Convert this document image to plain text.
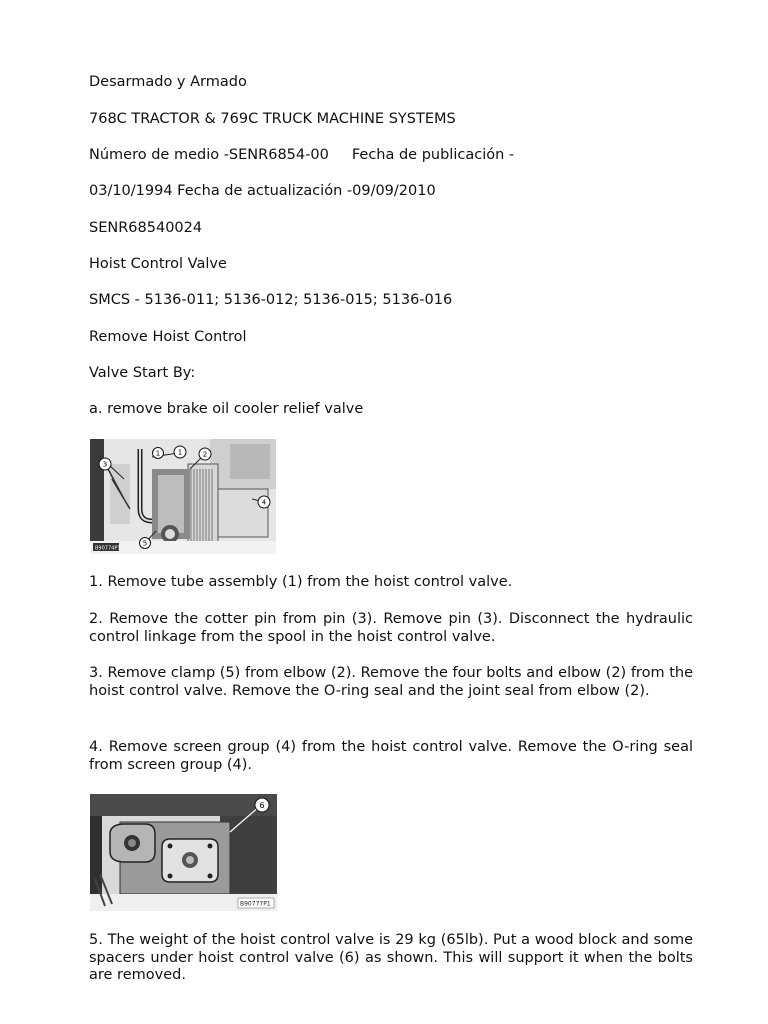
Desarmado y Armado

768C TRACTOR & 769C TRUCK MACHINE SYSTEMS

Número de medio -SENR6854-00     Fecha de publicación -

03/10/1994 Fecha de actualización -09/09/2010

SENR68540024

Hoist Control Valve

SMCS - 5136-011; 5136-012; 5136-015; 5136-016

Remove Hoist Control

Valve Start By:

a. remove brake oil cooler relief valve

B90774P1
1	1	2
3
4
5

1. Remove tube assembly (1) from the hoist control valve.

2. Remove the cotter pin from pin (3). Remove pin (3). Disconnect the hydraulic control linkage from the spool in the hoist control valve.

3. Remove clamp (5) from elbow (2). Remove the four bolts and elbow (2) from the hoist control valve. Remove the O-ring seal and the joint seal from elbow (2).

4. Remove screen group (4) from the hoist control valve. Remove the O-ring seal from screen group (4).

6
B90777P1

5. The weight of the hoist control valve is 29 kg (65lb). Put a wood block and some spacers under hoist control valve (6) as shown. This will support it when the bolts are removed.
